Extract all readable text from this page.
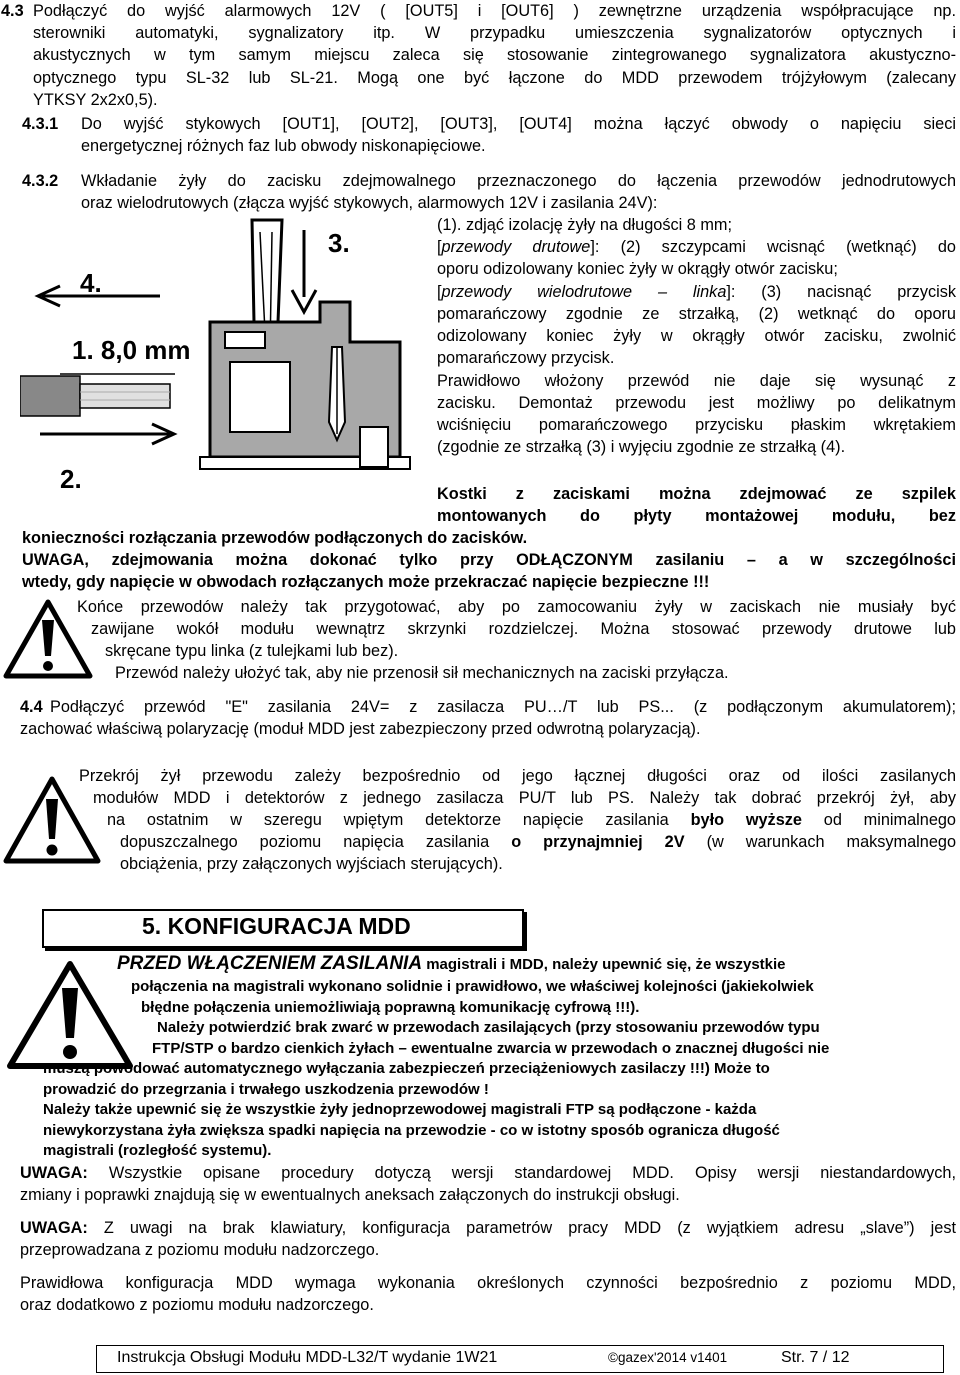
4.3 Podłączyć do wyjść alarmowych 12V ( [OUT5] i [OUT6] ) zewnętrzne urządzenia współpracujące np.
sterowniki automatyki, sygnalizatory itp. W przypadku umieszczenia sygnalizatorów optycznych i
akustycznych w tym samym miejscu zaleca się stosowanie zintegrowanego sygnalizatora akustyczno-
optycznego typu SL-32 lub SL-21. Mogą one być łączone do MDD przewodem trójżyłowym (zalecany
YTKSY 2x2x0,5).
4.3.1 Do wyjść stykowych [OUT1], [OUT2], [OUT3], [OUT4] można łączyć obwody o napięciu sieci
energetycznej różnych faz lub obwody niskonapięciowe.
4.3.2 Wkładanie żyły do zacisku zdejmowalnego przeznaczonego do łączenia przewodów jednodrutowych
oraz wielodrutowych (złącza wyjść stykowych, alarmowych 12V i zasilania 24V):
3.
4.
1. 8,0 mm
2.
(1). zdjąć izolację żyły na długości 8 mm;
[przewody drutowe]: (2) szczypcami wcisnąć (wetknąć) do
oporu odizolowany koniec żyły w okrągły otwór zacisku;
[przewody wielodrutowe – linka]: (3) nacisnąć przycisk
pomarańczowy zgodnie ze strzałką, (2) wetknąć do oporu
odizolowany koniec żyły w okrągły otwór zacisku, zwolnić
pomarańczowy przycisk.
Prawidłowo włożony przewód nie daje się wysunąć z
zacisku. Demontaż przewodu jest możliwy po delikatnym
wciśnięciu pomarańczowego przycisku płaskim wkrętakiem
(zgodnie ze strzałką (3) i wyjęciu zgodnie ze strzałką (4).
Kostki z zaciskami można zdejmować ze szpilek
montowanych do płyty montażowej modułu, bez
konieczności rozłączania przewodów podłączonych do zacisków.
UWAGA, zdejmowania można dokonać tylko przy ODŁĄCZONYM zasilaniu – a w szczególności
wtedy, gdy napięcie w obwodach rozłączanych może przekraczać napięcie bezpieczne !!!
Końce przewodów należy tak przygotować, aby po zamocowaniu żyły w zaciskach nie musiały być
zawijane wokół modułu wewnątrz skrzynki rozdzielczej. Można stosować przewody drutowe lub
skręcane typu linka (z tulejkami lub bez).
Przewód należy ułożyć tak, aby nie przenosił sił mechanicznych na zaciski przyłącza.
4.4 Podłączyć przewód "E" zasilania 24V= z zasilacza PU…/T lub PS... (z podłączonym akumulatorem);
zachować właściwą polaryzację (moduł MDD jest zabezpieczony przed odwrotną polaryzacją).
Przekrój żył przewodu zależy bezpośrednio od jego łącznej długości oraz od ilości zasilanych
modułów MDD i detektorów z jednego zasilacza PU/T lub PS. Należy tak dobrać przekrój żył, aby
na ostatnim w szeregu wpiętym detektorze napięcie zasilania było wyższe od minimalnego
dopuszczalnego poziomu napięcia zasilania o przynajmniej 2V (w warunkach maksymalnego
obciążenia, przy załączonych wyjściach sterujących).
5. KONFIGURACJA MDD
PRZED WŁĄCZENIEM ZASILANIA magistrali i MDD, należy upewnić się, że wszystkie
połączenia na magistrali wykonano solidnie i prawidłowo, we właściwej kolejności (jakiekolwiek
błędne połączenia uniemożliwiają poprawną komunikację cyfrową !!!).
Należy potwierdzić brak zwarć w przewodach zasilających (przy stosowaniu przewodów typu
FTP/STP o bardzo cienkich żyłach – ewentualne zwarcia w przewodach o znacznej długości nie
muszą powodować automatycznego wyłączania zabezpieczeń przeciążeniowych zasilaczy !!!) Może to
prowadzić do przegrzania i trwałego uszkodzenia przewodów !
Należy także upewnić się że wszystkie żyły jednoprzewodowej magistrali FTP są podłączone - każda
niewykorzystana żyła zwiększa spadki napięcia na przewodzie - co w istotny sposób ogranicza długość
magistrali (rozległość systemu).
UWAGA: Wszystkie opisane procedury dotyczą wersji standardowej MDD. Opisy wersji niestandardowych,
zmiany i poprawki znajdują się w ewentualnych aneksach załączonych do instrukcji obsługi.
UWAGA: Z uwagi na brak klawiatury, konfiguracja parametrów pracy MDD (z wyjątkiem adresu „slave”) jest
przeprowadzana z poziomu modułu nadzorczego.
Prawidłowa konfiguracja MDD wymaga wykonania określonych czynności bezpośrednio z poziomu MDD,
oraz dodatkowo z poziomu modułu nadzorczego.
Instrukcja Obsługi Modułu MDD-L32/T wydanie 1W21	©gazex'2014 v1401	Str. 7 / 12
